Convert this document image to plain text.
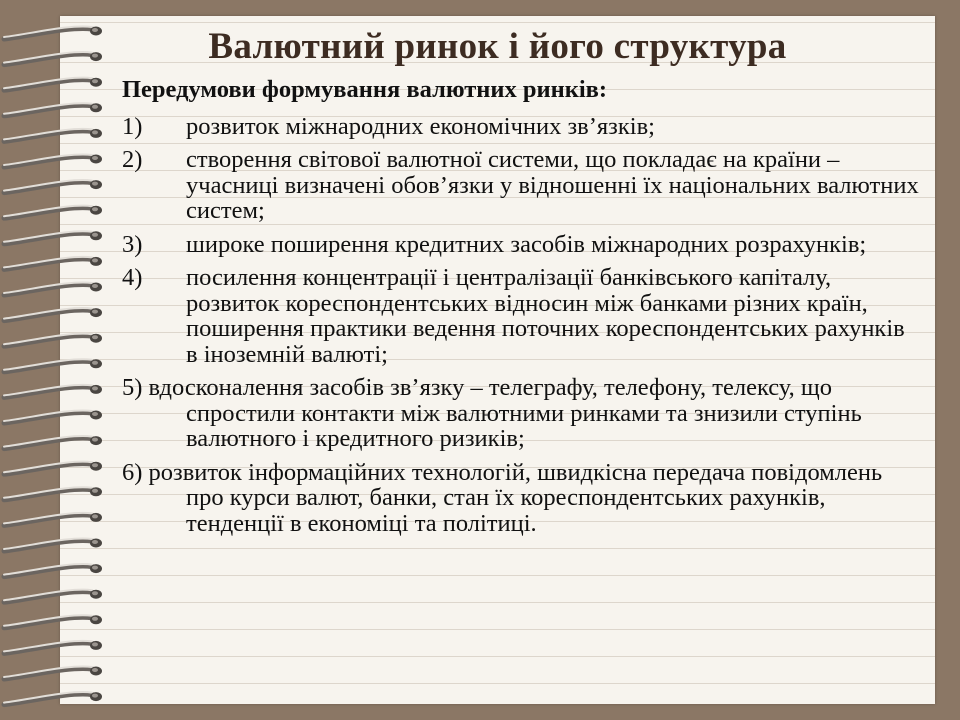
Валютний ринок і його структура

Передумови формування валютних ринків:

1)	розвиток міжнародних економічних зв’язків;
2)	створення світової валютної системи, що покладає на країни – учасниці визначені обов’язки у відношенні їх національних валютних систем;
3)	широке поширення кредитних засобів міжнародних розрахунків;
4)	посилення концентрації і централізації банківського капіталу, розвиток кореспондентських відносин між банками різних країн, поширення практики ведення поточних кореспондентських рахунків в іноземній валюті;

5) вдосконалення засобів зв’язку – телеграфу, телефону, телексу, що спростили контакти між валютними ринками та знизили ступінь валютного і кредитного ризиків;

6) розвиток інформаційних технологій, швидкісна передача повідомлень про курси валют, банки, стан їх кореспондентських рахунків, тенденції в економіці та політиці.
